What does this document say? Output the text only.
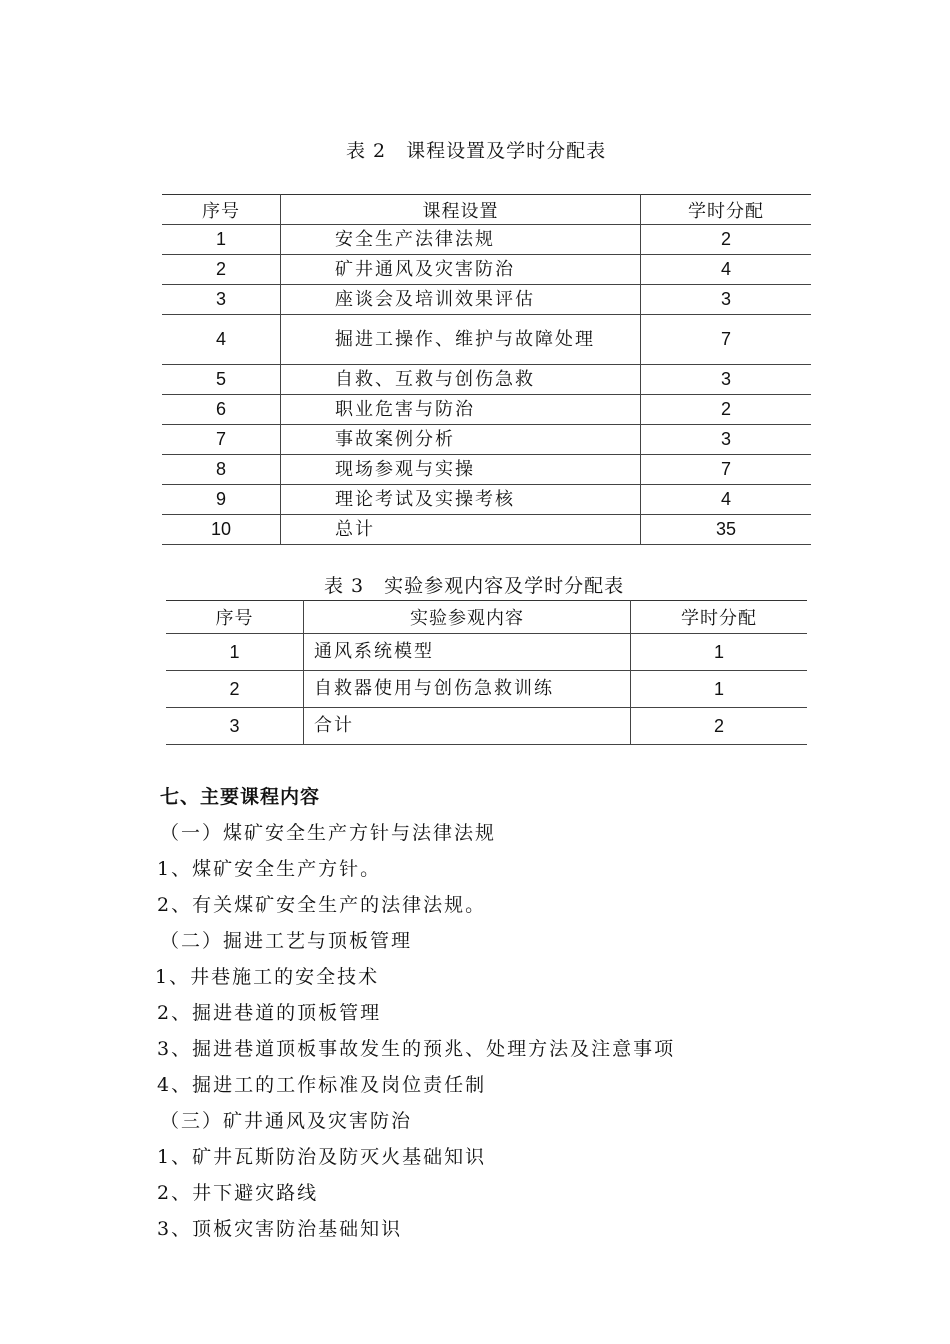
表 2　课程设置及学时分配表
序号	课程设置	学时分配
1	安全生产法律法规	2
2	矿井通风及灾害防治	4
3	座谈会及培训效果评估	3
4	掘进工操作、维护与故障处理	7
5	自救、互救与创伤急救	3
6	职业危害与防治	2
7	事故案例分析	3
8	现场参观与实操	7
9	理论考试及实操考核	4
10	总计	35
表 3　实验参观内容及学时分配表
序号	实验参观内容	学时分配
1	通风系统模型	1
2	自救器使用与创伤急救训练	1
3	合计	2
七、主要课程内容
（一）煤矿安全生产方针与法律法规
1、煤矿安全生产方针。
2、有关煤矿安全生产的法律法规。
（二）掘进工艺与顶板管理
1、井巷施工的安全技术
2、掘进巷道的顶板管理
3、掘进巷道顶板事故发生的预兆、处理方法及注意事项
4、掘进工的工作标准及岗位责任制
（三）矿井通风及灾害防治
1、矿井瓦斯防治及防灭火基础知识
2、井下避灾路线
3、顶板灾害防治基础知识
